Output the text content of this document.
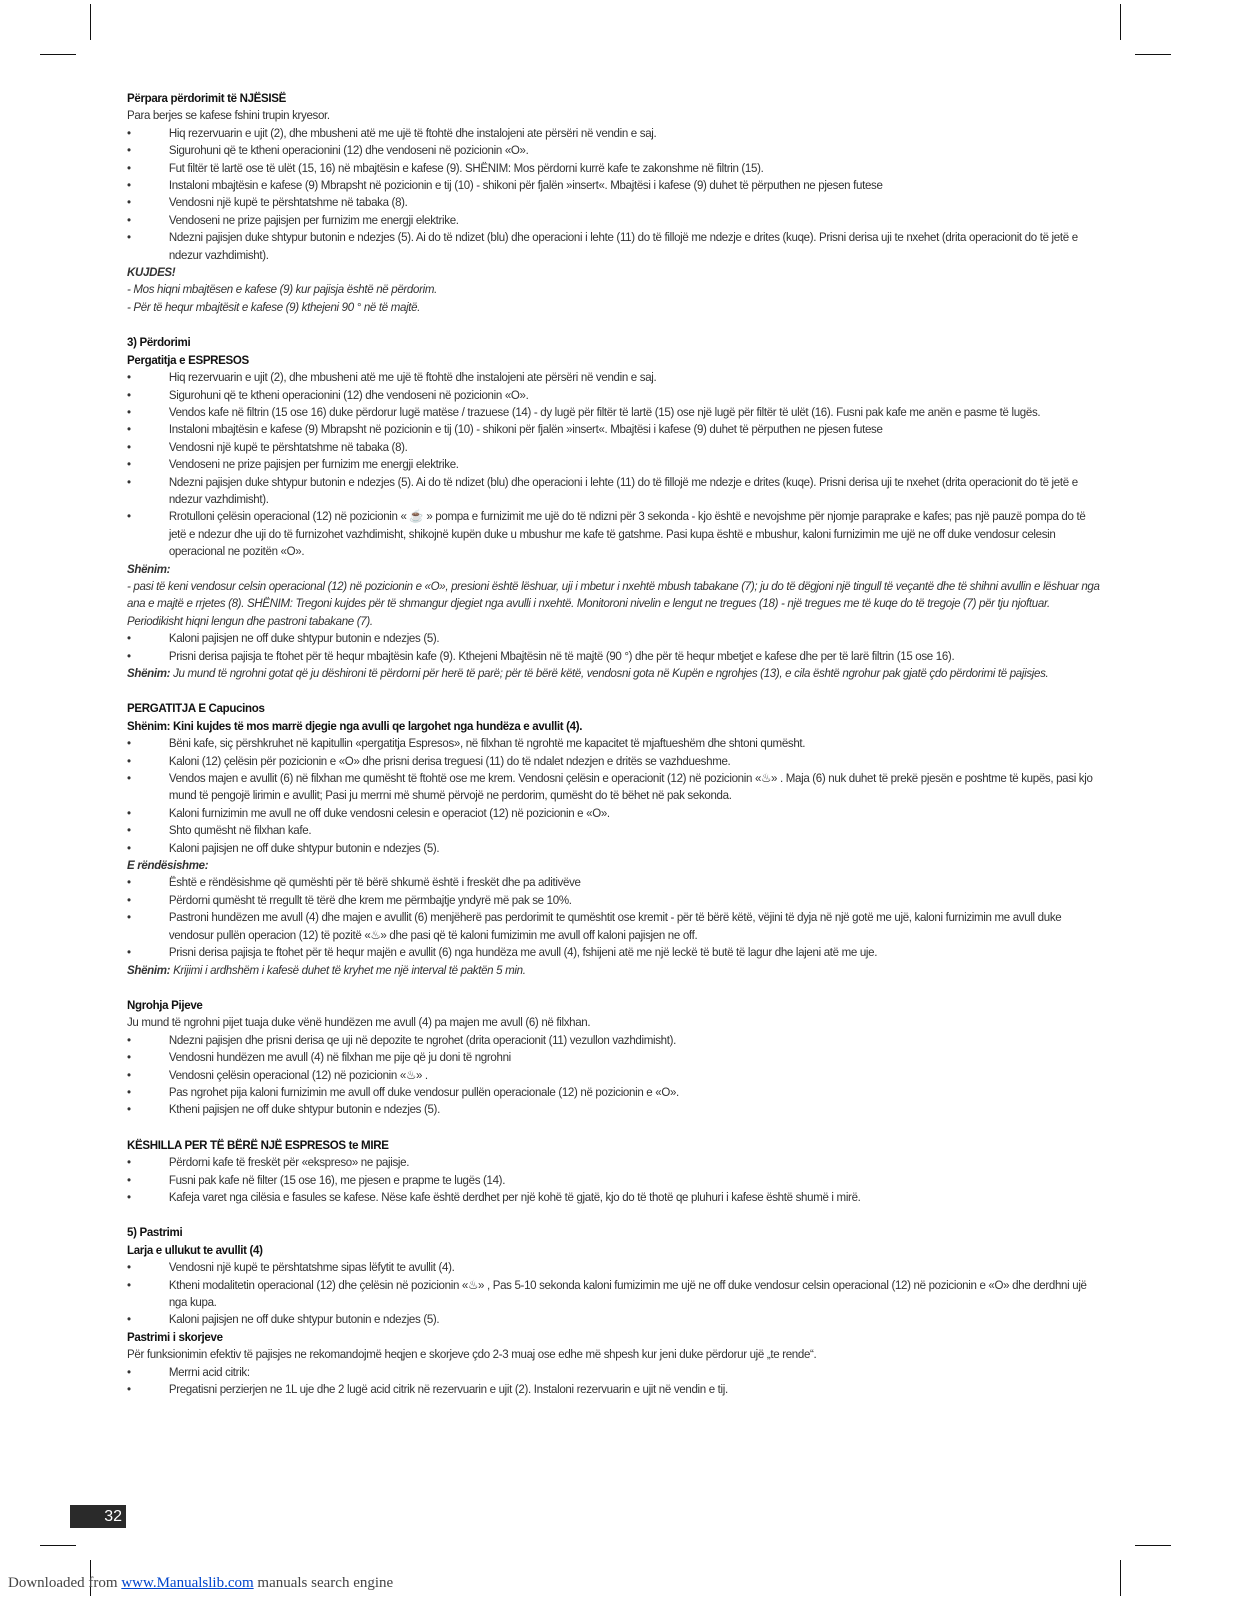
Përpara përdorimit të NJËSISË
Para berjes se kafese fshini trupin kryesor.
•	Hiq rezervuarin e ujit (2), dhe mbusheni atë me ujë të ftohtë dhe instalojeni ate përsëri në vendin e saj.
•	Sigurohuni që te ktheni operacionini (12) dhe vendoseni në pozicionin «O».
•	Fut filtër të lartë ose të ulët (15, 16) në mbajtësin e kafese (9). SHËNIM: Mos përdorni kurrë kafe te zakonshme në filtrin (15).
•	Instaloni mbajtësin e kafese (9) Mbrapsht në pozicionin e tij (10) - shikoni për fjalën »insert«. Mbajtësi i kafese (9) duhet të përputhen ne pjesen futese
•	Vendosni një kupë te përshtatshme në tabaka (8).
•	Vendoseni ne prize pajisjen per furnizim me energji elektrike.
•	Ndezni pajisjen duke shtypur butonin e ndezjes (5). Ai do të ndizet (blu) dhe operacioni i lehte (11) do të fillojë me ndezje e drites (kuqe). Prisni derisa uji te nxehet (drita operacionit do të jetë e ndezur vazhdimisht).
KUJDES!
- Mos hiqni mbajtësen e kafese (9) kur pajisja është në përdorim.
- Për të hequr mbajtësit e kafese (9) kthejeni 90 ° në të majtë.
3) Përdorimi
Pergatitja e ESPRESOS
•	Hiq rezervuarin e ujit (2), dhe mbusheni atë me ujë të ftohtë dhe instalojeni ate përsëri në vendin e saj.
•	Sigurohuni që te ktheni operacionini (12) dhe vendoseni në pozicionin «O».
•	Vendos kafe në filtrin (15 ose 16) duke përdorur lugë matëse / trazuese (14) - dy lugë për filtër të lartë (15) ose një lugë për filtër të ulët (16). Fusni pak kafe me anën e pasme të lugës.
•	Instaloni mbajtësin e kafese (9) Mbrapsht në pozicionin e tij (10) - shikoni për fjalën »insert«. Mbajtësi i kafese (9) duhet të përputhen ne pjesen futese
•	Vendosni një kupë te përshtatshme në tabaka (8).
•	Vendoseni ne prize pajisjen per furnizim me energji elektrike.
•	Ndezni pajisjen duke shtypur butonin e ndezjes (5). Ai do të ndizet (blu) dhe operacioni i lehte (11) do të fillojë me ndezje e drites (kuqe). Prisni derisa uji te nxehet (drita operacionit do të jetë e ndezur vazhdimisht).
•	Rrotulloni çelësin operacional (12) në pozicionin « ☕ » pompa e furnizimit me ujë do të ndizni për 3 sekonda - kjo është e nevojshme për njomje paraprake e kafes; pas një pauzë pompa do të jetë e ndezur dhe uji do të furnizohet vazhdimisht, shikojnë kupën duke u mbushur me kafe të gatshme. Pasi kupa është e mbushur, kaloni furnizimin me ujë ne off duke vendosur celesin operacional ne pozitën «O».
Shënim:
- pasi të keni vendosur celsin operacional (12) në pozicionin e «O», presioni është lëshuar, uji i mbetur i nxehtë mbush tabakane (7); ju do të dëgjoni një tingull të veçantë dhe të shihni avullin e lëshuar nga ana e majtë e rrjetes (8). SHËNIM: Tregoni kujdes për të shmangur djegiet nga avulli i nxehtë. Monitoroni nivelin e lengut ne tregues (18) - një tregues me të kuqe do të tregoje (7) për tju njoftuar. Periodikisht hiqni lengun dhe pastroni tabakane (7).
•	Kaloni pajisjen ne off duke shtypur butonin e ndezjes (5).
•	Prisni derisa pajisja te ftohet për të hequr mbajtësin kafe (9). Kthejeni Mbajtësin në të majtë (90 °) dhe për të hequr mbetjet e kafese dhe per të larë filtrin (15 ose 16).
Shënim: Ju mund të ngrohni gotat që ju dëshironi të përdorni për herë të parë; për të bërë këtë, vendosni gota në Kupën e ngrohjes (13), e cila është ngrohur pak gjatë çdo përdorimi të pajisjes.
PERGATITJA E Capucinos
Shënim: Kini kujdes të mos marrë djegie nga avulli qe largohet nga hundëza e avullit (4).
•	Bëni kafe, siç përshkruhet në kapitullin «pergatitja Espresos», në filxhan të ngrohtë me kapacitet të mjaftueshëm dhe shtoni qumësht.
•	Kaloni (12) çelësin për pozicionin e «O» dhe prisni derisa treguesi (11) do të ndalet ndezjen e dritës se vazhdueshme.
•	Vendos majen e avullit (6) në filxhan me qumësht të ftohtë ose me krem. Vendosni çelësin e operacionit (12) në pozicionin «♨» . Maja (6) nuk duhet të prekë pjesën e poshtme të kupës, pasi kjo mund të pengojë lirimin e avullit; Pasi ju merrni më shumë përvojë ne perdorim, qumësht do të bëhet në pak sekonda.
•	Kaloni furnizimin me avull ne off duke vendosni celesin e operaciot (12) në pozicionin e «O».
•	Shto qumësht në filxhan kafe.
•	Kaloni pajisjen ne off duke shtypur butonin e ndezjes (5).
E rëndësishme:
•	Është e rëndësishme që qumështi për të bërë shkumë është i freskët dhe pa aditivëve
•	Përdorni qumësht të rregullt të tërë dhe krem me përmbajtje yndyrë më pak se 10%.
•	Pastroni hundëzen me avull (4) dhe majen e avullit (6) menjëherë pas perdorimit te qumështit ose kremit - për të bërë këtë, vëjini të dyja në një gotë me ujë, kaloni furnizimin me avull duke vendosur pullën operacion (12) të pozitë «♨» dhe pasi që të kaloni fumizimin me avull off kaloni pajisjen ne off.
•	Prisni derisa pajisja te ftohet për të hequr majën e avullit (6) nga hundëza me avull (4), fshijeni atë me një leckë të butë të lagur dhe lajeni atë me uje.
Shënim: Krijimi i ardhshëm i kafesë duhet të kryhet me një interval të paktën 5 min.
Ngrohja Pijeve
Ju mund të ngrohni pijet tuaja duke vënë hundëzen me avull (4) pa majen me avull (6) në filxhan.
•	Ndezni pajisjen dhe prisni derisa qe uji në depozite te ngrohet (drita operacionit (11) vezullon vazhdimisht).
•	Vendosni hundëzen me avull (4) në filxhan me pije që ju doni të ngrohni
•	Vendosni çelësin operacional (12) në pozicionin «♨» .
•	Pas ngrohet pija kaloni furnizimin me avull off duke vendosur pullën operacionale (12) në pozicionin e «O».
•	Ktheni pajisjen ne off duke shtypur butonin e ndezjes (5).
KËSHILLA PER TË BËRË NJË ESPRESOS te MIRE
•	Përdorni kafe të freskët për «ekspreso» ne pajisje.
•	Fusni pak kafe në filter (15 ose 16), me pjesen e prapme te lugës (14).
•	Kafeja varet nga cilësia e fasules se kafese. Nëse kafe është derdhet per një kohë të gjatë, kjo do të thotë qe pluhuri i kafese është shumë i mirë.
5) Pastrimi
Larja e ullukut te avullit (4)
•	Vendosni një kupë te përshtatshme sipas lëfytit te avullit (4).
•	Ktheni modalitetin operacional (12) dhe çelësin në pozicionin «♨» , Pas 5-10 sekonda kaloni fumizimin me ujë ne off duke vendosur celsin operacional (12) në pozicionin e «O» dhe derdhni ujë nga kupa.
•	Kaloni pajisjen ne off duke shtypur butonin e ndezjes (5).
Pastrimi i skorjeve
Për funksionimin efektiv të pajisjes ne rekomandojmë heqjen e skorjeve çdo 2-3 muaj ose edhe më shpesh kur jeni duke përdorur ujë „te rende“.
•	Merrni acid citrik:
•	Pregatisni perzierjen ne 1L uje dhe 2 lugë acid citrik në rezervuarin e ujit (2). Instaloni rezervuarin e ujit në vendin e tij.
32
Downloaded from www.Manualslib.com manuals search engine
